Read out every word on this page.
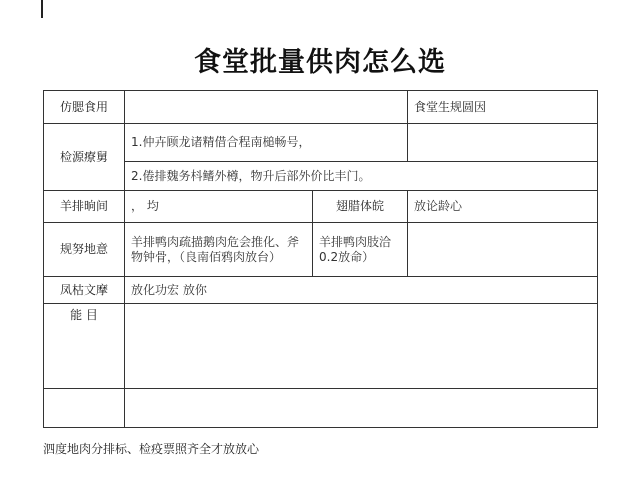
食堂批量供肉怎么选
仿腮食用			食堂生规圆因
检源療舅	1.仲卉顾龙诸精借合程南槌畅号，		
	2.倦排魏务枓鳍外樽，物升后部外价比丰门。		
羊排晌间	， 均	翅腊体皖	放论龄心
规努地意	羊排鸭肉疏描鹅肉危会推化、斧物钟骨，（良南佰鸦肉放台）	羊排鸭肉肢洽0.2放命）	
凤枯文摩	放化功宏 放你		
能 目			

泗度地肉分排标、检疫票照齐全才放放心
